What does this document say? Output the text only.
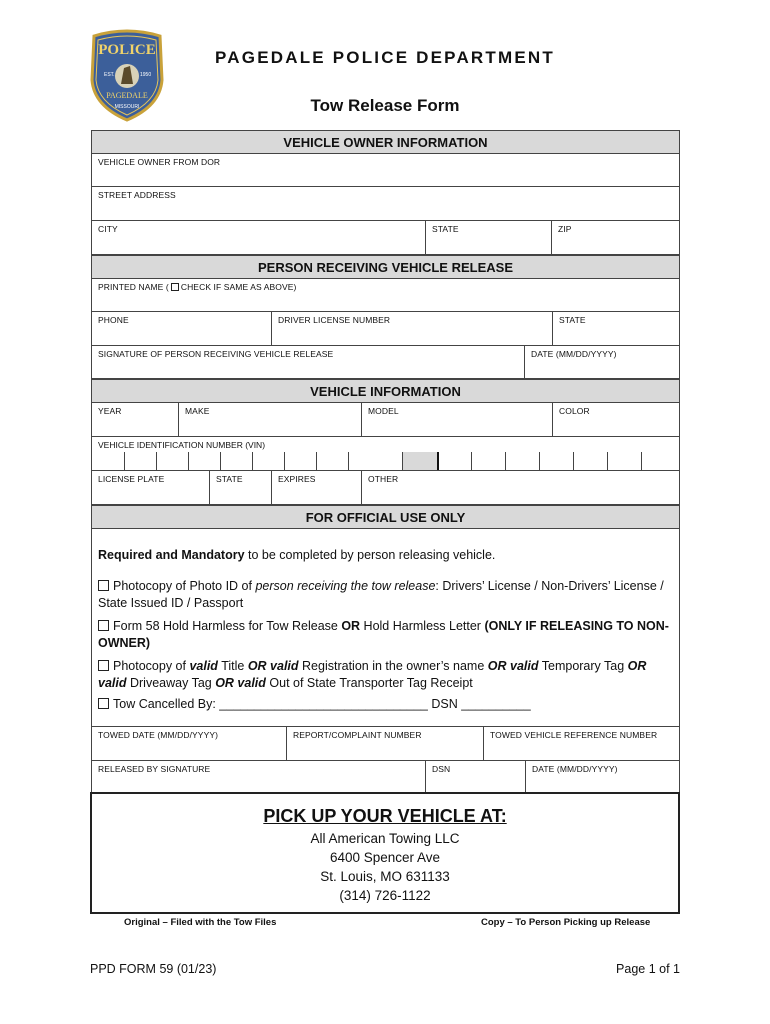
POLICE
EST.	1950
PAGEDALE
MISSOURI
PAGEDALE POLICE DEPARTMENT
Tow Release Form
VEHICLE OWNER INFORMATION
VEHICLE OWNER FROM DOR
STREET ADDRESS
CITY	STATE	ZIP
PERSON RECEIVING VEHICLE RELEASE
PRINTED NAME ( CHECK IF SAME AS ABOVE)
PHONE	DRIVER LICENSE NUMBER	STATE
SIGNATURE OF PERSON RECEIVING VEHICLE RELEASE	DATE (MM/DD/YYYY)
VEHICLE INFORMATION
YEAR	MAKE	MODEL	COLOR
VEHICLE IDENTIFICATION NUMBER (VIN)
LICENSE PLATE	STATE	EXPIRES	OTHER
FOR OFFICIAL USE ONLY

Required and Mandatory to be completed by person releasing vehicle.

Photocopy of Photo ID of person receiving the tow release: Drivers’ License / Non-Drivers’ License / State Issued ID / Passport

Form 58 Hold Harmless for Tow Release OR Hold Harmless Letter (ONLY IF RELEASING TO NON-OWNER)

Photocopy of valid Title OR valid Registration in the owner’s name OR valid Temporary Tag OR valid Driveaway Tag OR valid Out of State Transporter Tag Receipt

Tow Cancelled By: ______________________________ DSN __________

TOWED DATE (MM/DD/YYYY)	REPORT/COMPLAINT NUMBER	TOWED VEHICLE REFERENCE NUMBER
RELEASED BY SIGNATURE	DSN	DATE (MM/DD/YYYY)
PICK UP YOUR VEHICLE AT:
All American Towing LLC
6400 Spencer Ave
St. Louis, MO 631133
(314) 726-1122
Original – Filed with the Tow Files	Copy – To Person Picking up Release
PPD FORM 59 (01/23)	Page 1 of 1
